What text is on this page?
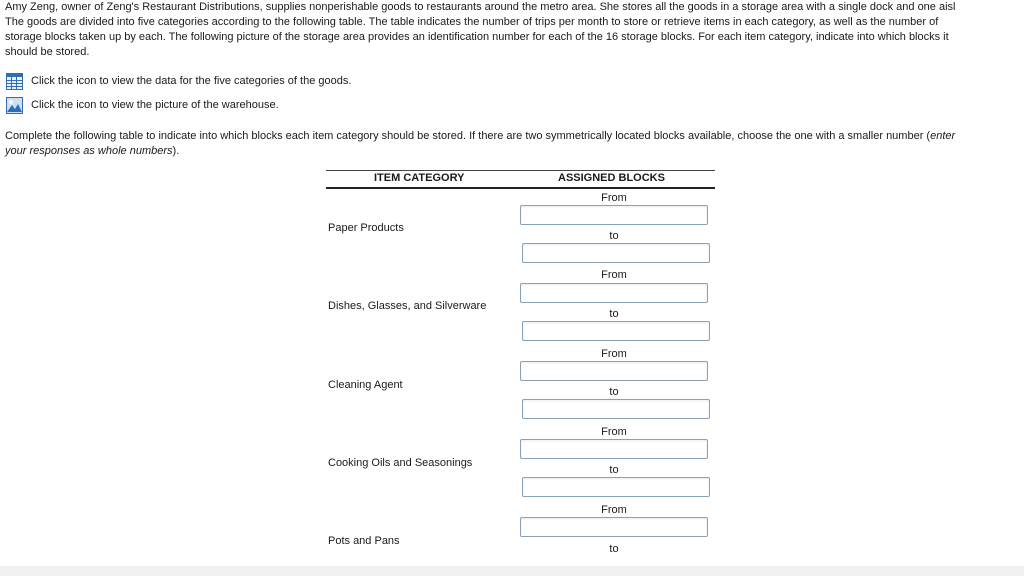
Amy Zeng, owner of Zeng's Restaurant Distributions, supplies nonperishable goods to restaurants around the metro area. She stores all the goods in a storage area with a single dock and one aisl
The goods are divided into five categories according to the following table. The table indicates the number of trips per month to store or retrieve items in each category, as well as the number of
storage blocks taken up by each. The following picture of the storage area provides an identification number for each of the 16 storage blocks. For each item category, indicate into which blocks it
should be stored.
Click the icon to view the data for the five categories of the goods.
Click the icon to view the picture of the warehouse.
Complete the following table to indicate into which blocks each item category should be stored. If there are two symmetrically located blocks available, choose the one with a smaller number (enter
your responses as whole numbers).
ITEM CATEGORY	ASSIGNED BLOCKS
From
Paper Products
to
From
Dishes, Glasses, and Silverware
to
From
Cleaning Agent
to
From
Cooking Oils and Seasonings
to
From
Pots and Pans
to
